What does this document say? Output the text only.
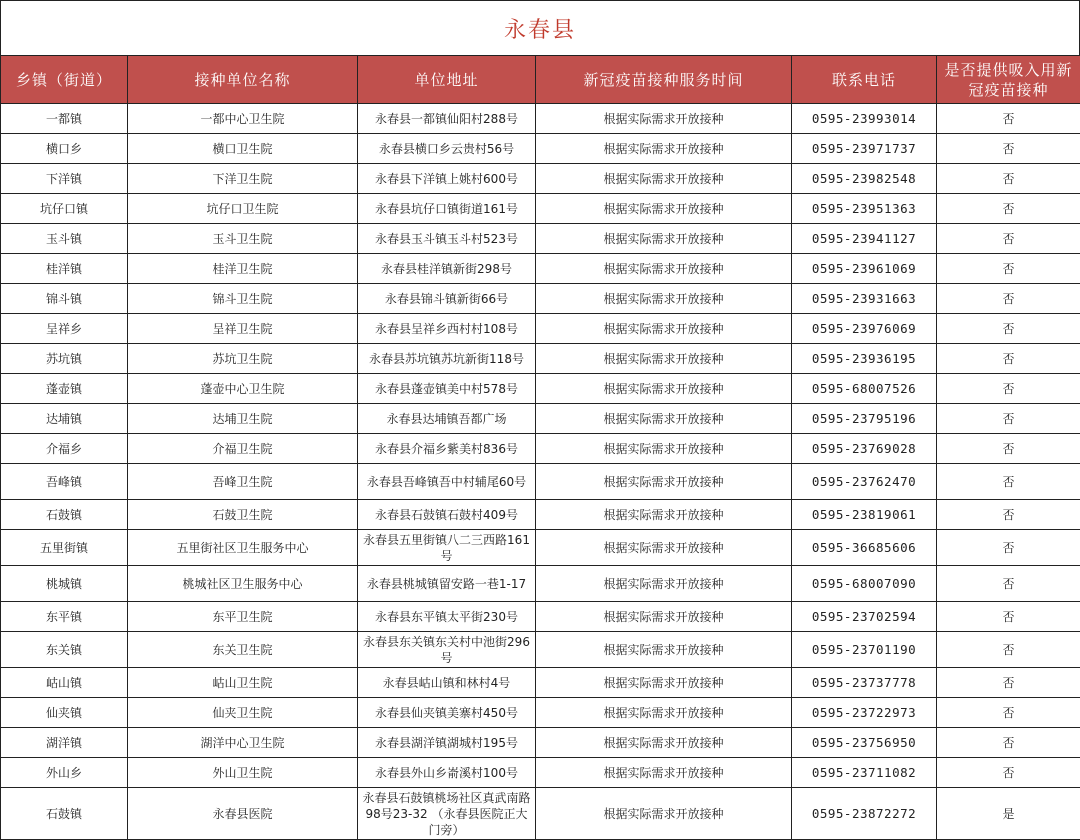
永春县
乡镇（街道）	接种单位名称	单位地址	新冠疫苗接种服务时间	联系电话	是否提供吸入用新冠疫苗接种
一都镇	一都中心卫生院	永春县一都镇仙阳村288号	根据实际需求开放接种	0595-23993014	否
横口乡	横口卫生院	永春县横口乡云贵村56号	根据实际需求开放接种	0595-23971737	否
下洋镇	下洋卫生院	永春县下洋镇上姚村600号	根据实际需求开放接种	0595-23982548	否
坑仔口镇	坑仔口卫生院	永春县坑仔口镇街道161号	根据实际需求开放接种	0595-23951363	否
玉斗镇	玉斗卫生院	永春县玉斗镇玉斗村523号	根据实际需求开放接种	0595-23941127	否
桂洋镇	桂洋卫生院	永春县桂洋镇新街298号	根据实际需求开放接种	0595-23961069	否
锦斗镇	锦斗卫生院	永春县锦斗镇新街66号	根据实际需求开放接种	0595-23931663	否
呈祥乡	呈祥卫生院	永春县呈祥乡西村村108号	根据实际需求开放接种	0595-23976069	否
苏坑镇	苏坑卫生院	永春县苏坑镇苏坑新街118号	根据实际需求开放接种	0595-23936195	否
蓬壶镇	蓬壶中心卫生院	永春县蓬壶镇美中村578号	根据实际需求开放接种	0595-68007526	否
达埔镇	达埔卫生院	永春县达埔镇吾都广场	根据实际需求开放接种	0595-23795196	否
介福乡	介福卫生院	永春县介福乡紫美村836号	根据实际需求开放接种	0595-23769028	否
吾峰镇	吾峰卫生院	永春县吾峰镇吾中村辅尾60号	根据实际需求开放接种	0595-23762470	否
石鼓镇	石鼓卫生院	永春县石鼓镇石鼓村409号	根据实际需求开放接种	0595-23819061	否
五里街镇	五里街社区卫生服务中心	永春县五里街镇八二三西路161号	根据实际需求开放接种	0595-36685606	否
桃城镇	桃城社区卫生服务中心	永春县桃城镇留安路一巷1-17	根据实际需求开放接种	0595-68007090	否
东平镇	东平卫生院	永春县东平镇太平街230号	根据实际需求开放接种	0595-23702594	否
东关镇	东关卫生院	永春县东关镇东关村中池街296号	根据实际需求开放接种	0595-23701190	否
岵山镇	岵山卫生院	永春县岵山镇和林村4号	根据实际需求开放接种	0595-23737778	否
仙夹镇	仙夹卫生院	永春县仙夹镇美寨村450号	根据实际需求开放接种	0595-23722973	否
湖洋镇	湖洋中心卫生院	永春县湖洋镇湖城村195号	根据实际需求开放接种	0595-23756950	否
外山乡	外山卫生院	永春县外山乡嵛溪村100号	根据实际需求开放接种	0595-23711082	否
石鼓镇	永春县医院	永春县石鼓镇桃场社区真武南路98号23-32 （永春县医院正大门旁）	根据实际需求开放接种	0595-23872272	是
